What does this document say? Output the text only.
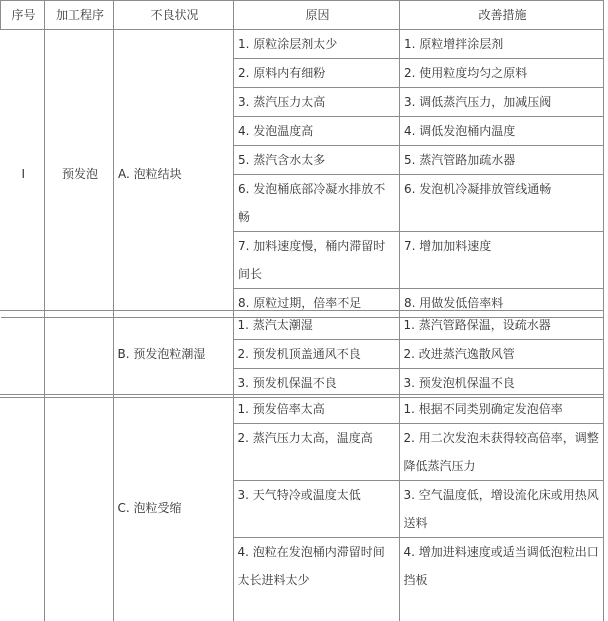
序号	加工程序	不良状况	原因	改善措施
I	预发泡	A. 泡粒结块	1. 原粒涂层剂太少	1. 原粒增拌涂层剂
			2. 原料内有细粉	2. 使用粒度均匀之原料
			3. 蒸汽压力太高	3. 调低蒸汽压力，加减压阀
			4. 发泡温度高	4. 调低发泡桶内温度
			5. 蒸汽含水太多	5. 蒸汽管路加疏水器
			6. 发泡桶底部冷凝水排放不畅	6. 发泡机冷凝排放管线通畅
			7. 加料速度慢，桶内滞留时间长	7. 增加加料速度
			8. 原粒过期，倍率不足	8. 用做发低倍率料
		B. 预发泡粒潮湿	1. 蒸汽太潮湿	1. 蒸汽管路保温，设疏水器
			2. 预发机顶盖通风不良	2. 改进蒸汽逸散风管
			3. 预发机保温不良	3. 预发泡机保温不良
		C. 泡粒受缩	1. 预发倍率太高	1. 根据不同类别确定发泡倍率
			2. 蒸汽压力太高，温度高	2. 用二次发泡未获得较高倍率，调整降低蒸汽压力
			3. 天气特冷或温度太低	3. 空气温度低，增设流化床或用热风送料
			4. 泡粒在发泡桶内滞留时间太长进料太少	4. 增加进料速度或适当调低泡粒出口挡板
